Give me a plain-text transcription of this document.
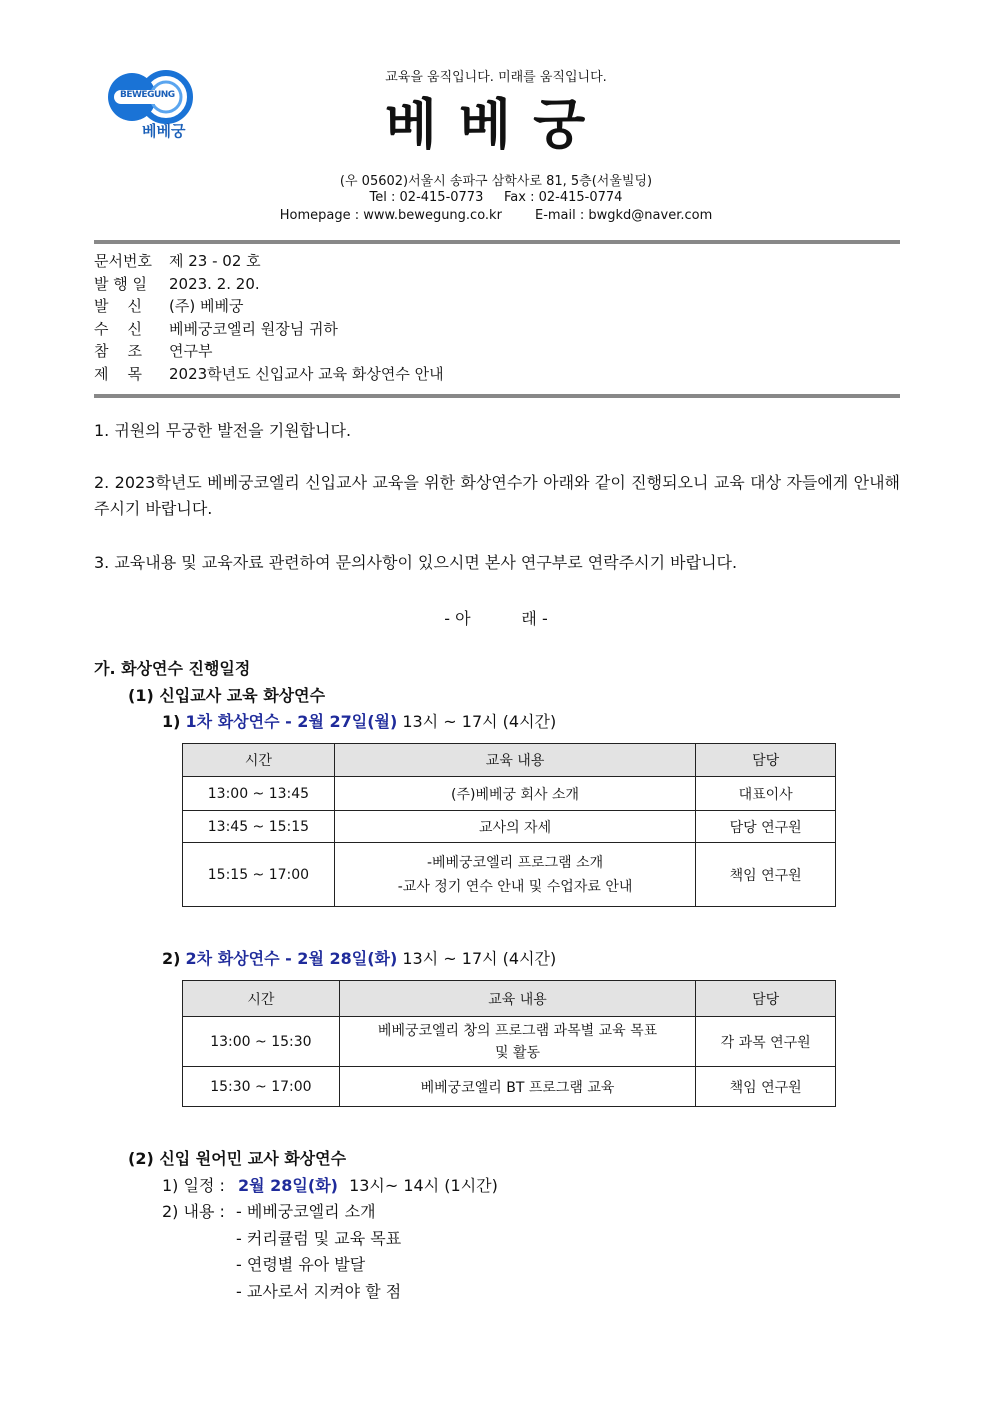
BEWEGUNG
베베궁
교육을 움직입니다. 미래를 움직입니다.
베베궁
(우 05602)서울시 송파구 삼학사로 81, 5층(서울빌딩)
Tel : 02-415-0773     Fax : 02-415-0774
Homepage : www.bewegung.co.kr        E-mail : bwgkd@naver.com
문서번호	제 23 - 02 호
발 행 일	2023. 2. 20.
발    신	(주) 베베궁
수    신	베베궁코엘리 원장님 귀하
참    조	연구부
제    목	2023학년도 신입교사 교육 화상연수 안내
1. 귀원의 무궁한 발전을 기원합니다.
2. 2023학년도 베베궁코엘리 신입교사 교육을 위한 화상연수가 아래와 같이 진행되오니 교육 대상 자들에게 안내해 주시기 바랍니다.
3. 교육내용 및 교육자료 관련하여 문의사항이 있으시면 본사 연구부로 연락주시기 바랍니다.
- 아          래 -
가. 화상연수 진행일정
(1) 신입교사 교육 화상연수
1) 1차 화상연수 - 2월 27일(월) 13시 ~ 17시 (4시간)
시간	교육 내용	담당
13:00 ~ 13:45	(주)베베궁 회사 소개	대표이사
13:45 ~ 15:15	교사의 자세	담당 연구원
15:15 ~ 17:00	-베베궁코엘리 프로그램 소개
-교사 정기 연수 안내 및 수업자료 안내	책임 연구원
2) 2차 화상연수 - 2월 28일(화) 13시 ~ 17시 (4시간)
시간	교육 내용	담당
13:00 ~ 15:30	베베궁코엘리 창의 프로그램 과목별 교육 목표
및 활동	각 과목 연구원
15:30 ~ 17:00	베베궁코엘리 BT 프로그램 교육	책임 연구원
(2) 신입 원어민 교사 화상연수
1) 일정 : 2월 28일(화) 13시~ 14시 (1시간)
2) 내용 : - 베베궁코엘리 소개
- 커리큘럼 및 교육 목표
- 연령별 유아 발달
- 교사로서 지켜야 할 점
